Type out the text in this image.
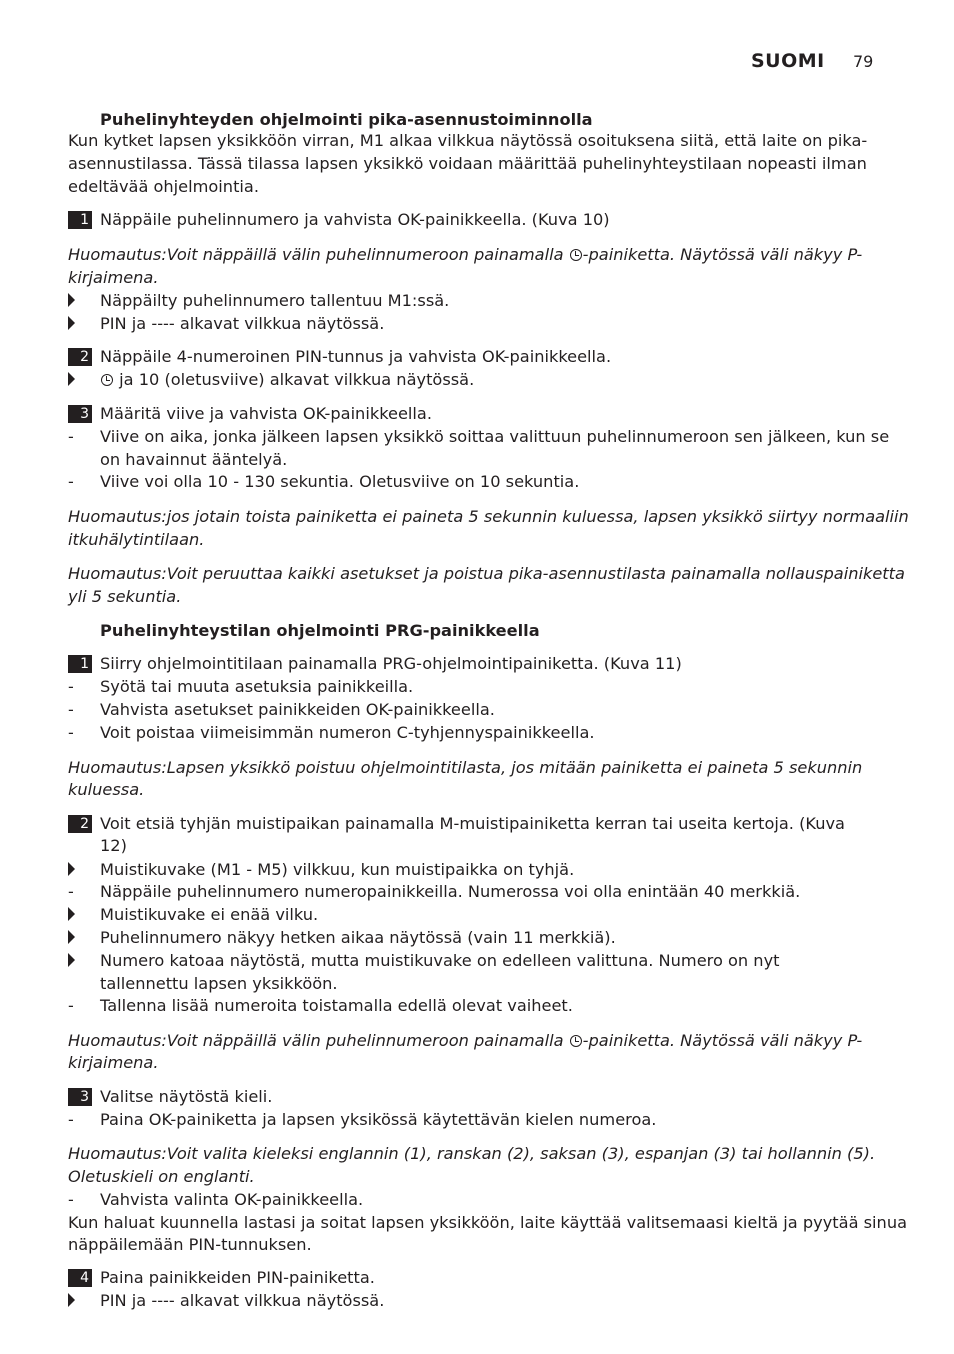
SUOMI 79
Puhelinyhteyden ohjelmointi pika-asennustoiminnolla
Kun kytket lapsen yksikköön virran, M1 alkaa vilkkua näytössä osoituksena siitä, että laite on pika-
asennustilassa. Tässä tilassa lapsen yksikkö voidaan määrittää puhelinyhteystilaan nopeasti ilman
edeltävää ohjelmointia.
1 Näppäile puhelinnumero ja vahvista OK-painikkeella. (Kuva 10)
Huomautus:Voit näppäillä välin puhelinnumeroon painamalla -painiketta. Näytössä väli näkyy P-
kirjaimena.
Näppäilty puhelinnumero tallentuu M1:ssä.
PIN ja ---- alkavat vilkkua näytössä.
2 Näppäile 4-numeroinen PIN-tunnus ja vahvista OK-painikkeella.
ja 10 (oletusviive) alkavat vilkkua näytössä.
3 Määritä viive ja vahvista OK-painikkeella.
- Viive on aika, jonka jälkeen lapsen yksikkö soittaa valittuun puhelinnumeroon sen jälkeen, kun se
on havainnut ääntelyä.
- Viive voi olla 10 - 130 sekuntia. Oletusviive on 10 sekuntia.
Huomautus:jos jotain toista painiketta ei paineta 5 sekunnin kuluessa, lapsen yksikkö siirtyy normaaliin
itkuhälytintilaan.
Huomautus:Voit peruuttaa kaikki asetukset ja poistua pika-asennustilasta painamalla nollauspainiketta
yli 5 sekuntia.
Puhelinyhteystilan ohjelmointi PRG-painikkeella
1 Siirry ohjelmointitilaan painamalla PRG-ohjelmointipainiketta. (Kuva 11)
- Syötä tai muuta asetuksia painikkeilla.
- Vahvista asetukset painikkeiden OK-painikkeella.
- Voit poistaa viimeisimmän numeron C-tyhjennyspainikkeella.
Huomautus:Lapsen yksikkö poistuu ohjelmointitilasta, jos mitään painiketta ei paineta 5 sekunnin
kuluessa.
2 Voit etsiä tyhjän muistipaikan painamalla M-muistipainiketta kerran tai useita kertoja. (Kuva
12)
Muistikuvake (M1 - M5) vilkkuu, kun muistipaikka on tyhjä.
- Näppäile puhelinnumero numeropainikkeilla. Numerossa voi olla enintään 40 merkkiä.
Muistikuvake ei enää vilku.
Puhelinnumero näkyy hetken aikaa näytössä (vain 11 merkkiä).
Numero katoaa näytöstä, mutta muistikuvake on edelleen valittuna. Numero on nyt
tallennettu lapsen yksikköön.
- Tallenna lisää numeroita toistamalla edellä olevat vaiheet.
Huomautus:Voit näppäillä välin puhelinnumeroon painamalla -painiketta. Näytössä väli näkyy P-
kirjaimena.
3 Valitse näytöstä kieli.
- Paina OK-painiketta ja lapsen yksikössä käytettävän kielen numeroa.
Huomautus:Voit valita kieleksi englannin (1), ranskan (2), saksan (3), espanjan (3) tai hollannin (5).
Oletuskieli on englanti.
- Vahvista valinta OK-painikkeella.
Kun haluat kuunnella lastasi ja soitat lapsen yksikköön, laite käyttää valitsemaasi kieltä ja pyytää sinua
näppäilemään PIN-tunnuksen.
4 Paina painikkeiden PIN-painiketta.
PIN ja ---- alkavat vilkkua näytössä.
